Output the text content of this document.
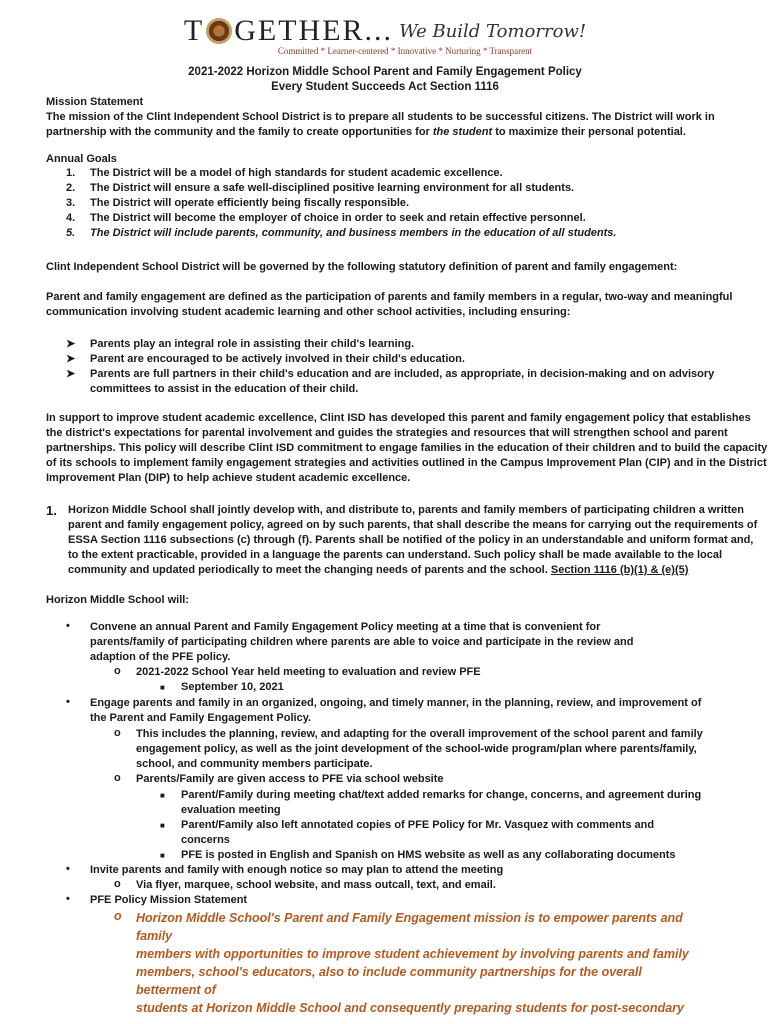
T GETHER... We Build Tomorrow!
Committed * Learner-centered * Innovative * Nurturing * Transparent
2021-2022 Horizon Middle School Parent and Family Engagement Policy
Every Student Succeeds Act Section 1116
Mission Statement
The mission of the Clint Independent School District is to prepare all students to be successful citizens. The District will work in
partnership with the community and the family to create opportunities for the student to maximize their personal potential.
Annual Goals
1. The District will be a model of high standards for student academic excellence.
2. The District will ensure a safe well-disciplined positive learning environment for all students.
3. The District will operate efficiently being fiscally responsible.
4. The District will become the employer of choice in order to seek and retain effective personnel.
5. The District will include parents, community, and business members in the education of all students.
Clint Independent School District will be governed by the following statutory definition of parent and family engagement:
Parent and family engagement are defined as the participation of parents and family members in a regular, two-way and meaningful
communication involving student academic learning and other school activities, including ensuring:
➤ Parents play an integral role in assisting their child's learning.
➤ Parent are encouraged to be actively involved in their child's education.
➤ Parents are full partners in their child's education and are included, as appropriate, in decision-making and on advisory committees to assist in the education of their child.
In support to improve student academic excellence, Clint ISD has developed this parent and family engagement policy that establishes
the district's expectations for parental involvement and guides the strategies and resources that will strengthen school and parent
partnerships. This policy will describe Clint ISD commitment to engage families in the education of their children and to build the capacity
of its schools to implement family engagement strategies and activities outlined in the Campus Improvement Plan (CIP) and in the District
Improvement Plan (DIP) to help achieve student academic excellence.
1. Horizon Middle School shall jointly develop with, and distribute to, parents and family members of participating children a written
parent and family engagement policy, agreed on by such parents, that shall describe the means for carrying out the requirements of
ESSA Section 1116 subsections (c) through (f). Parents shall be notified of the policy in an understandable and uniform format and,
to the extent practicable, provided in a language the parents can understand. Such policy shall be made available to the local
community and updated periodically to meet the changing needs of parents and the school. Section 1116 (b)(1) & (e)(5)
Horizon Middle School will:
• Convene an annual Parent and Family Engagement Policy meeting at a time that is convenient for
parents/family of participating children where parents are able to voice and participate in the review and
adaption of the PFE policy.
o 2021-2022 School Year held meeting to evaluation and review PFE
■ September 10, 2021
• Engage parents and family in an organized, ongoing, and timely manner, in the planning, review, and improvement of
the Parent and Family Engagement Policy.
o This includes the planning, review, and adapting for the overall improvement of the school parent and family
engagement policy, as well as the joint development of the school-wide program/plan where parents/family,
school, and community members participate.
o Parents/Family are given access to PFE via school website
■ Parent/Family during meeting chat/text added remarks for change, concerns, and agreement during
evaluation meeting
■ Parent/Family also left annotated copies of PFE Policy for Mr. Vasquez with comments and
concerns
■ PFE is posted in English and Spanish on HMS website as well as any collaborating documents
• Invite parents and family with enough notice so may plan to attend the meeting
o Via flyer, marquee, school website, and mass outcall, text, and email.
• PFE Policy Mission Statement
o Horizon Middle School's Parent and Family Engagement mission is to empower parents and family
members with opportunities to improve student achievement by involving parents and family
members, school's educators, also to include community partnerships for the overall betterment of
students at Horizon Middle School and consequently preparing students for post-secondary
